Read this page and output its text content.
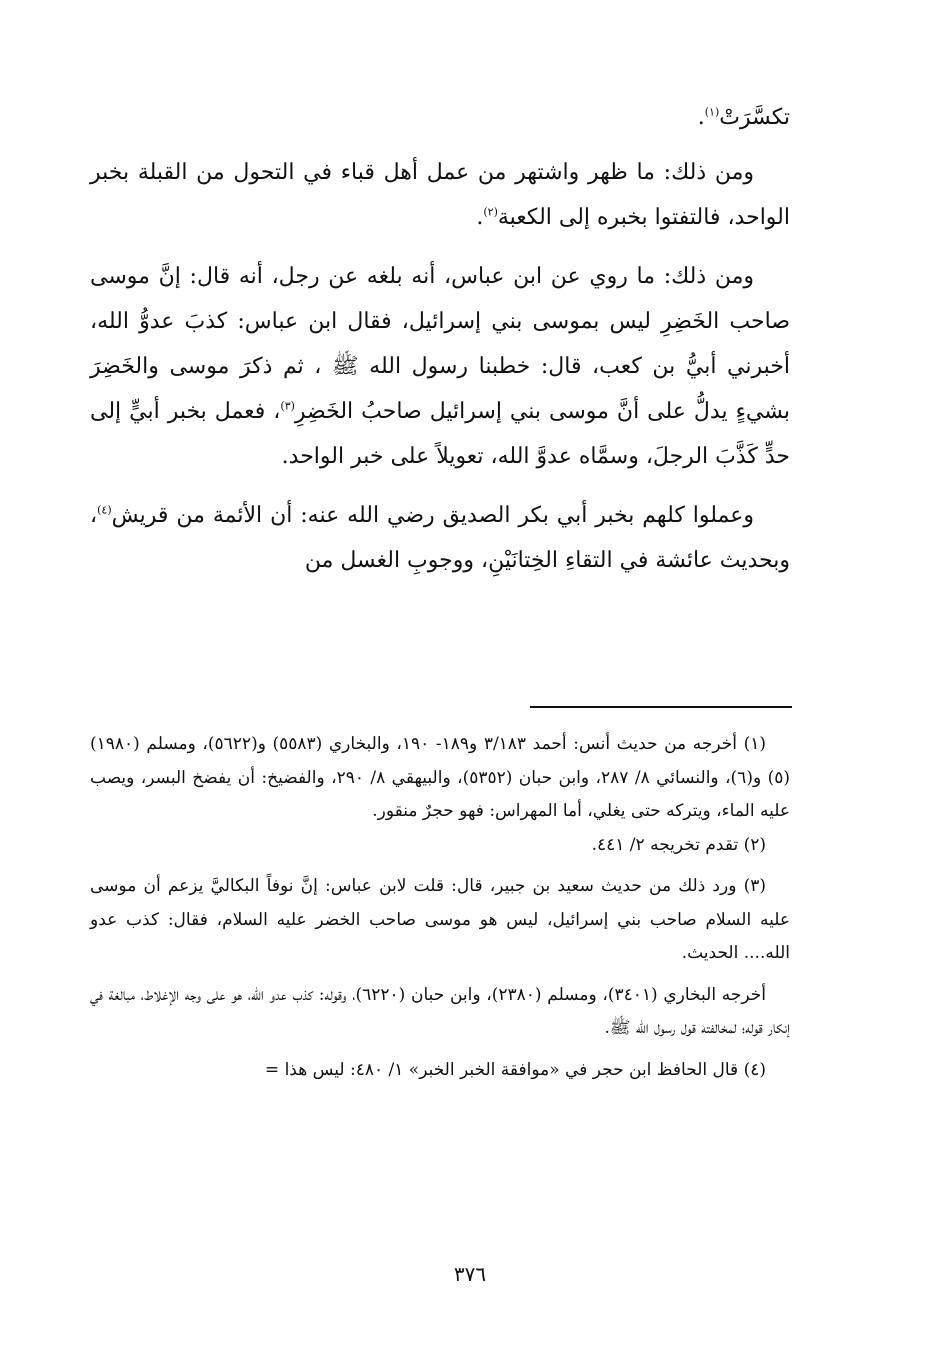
تكسَّرَتْ$^{(١)}$.

ومن ذلك: ما ظهر واشتهر من عمل أهل قباء في التحول من القبلة بخبر الواحد، فالتفتوا بخبره إلى الكعبة$^{(٢)}$.

ومن ذلك: ما روي عن ابن عباس، أنه بلغه عن رجل، أنه قال: إنَّ موسى صاحب الخَضِرِ ليس بموسى بني إسرائيل، فقال ابن عباس: كذبَ عدوُّ الله، أخبرني أبيُّ بن كعب، قال: خطبنا رسول الله ﷺ ، ثم ذكرَ موسى والخَضِرَ بشيءٍ يدلُّ على أنَّ موسى بني إسرائيل صاحبُ الخَضِرِ$^{(٣)}$، فعمل بخبر أبيٍّ إلى حدٍّ كَذَّبَ الرجلَ، وسمَّاه عدوَّ الله، تعويلاً على خبر الواحد.

وعملوا كلهم بخبر أبي بكر الصديق رضي الله عنه: أن الأئمة من قريش$^{(٤)}$، وبحديث عائشة في التقاءِ الخِتانَيْنِ، ووجوبِ الغسل من

(١) أخرجه من حديث أنس: أحمد ٣/١٨٣ و١٨٩- ١٩٠، والبخاري (٥٥٨٣) و(٥٦٢٢)، ومسلم (١٩٨٠) (٥) و(٦)، والنسائي ٨/ ٢٨٧، وابن حبان (٥٣٥٢)، والبيهقي ٨/ ٢٩٠، والفضيخ: أن يفضخ البسر، ويصب عليه الماء، ويتركه حتى يغلي، أما المهراس: فهو حجرٌ منقور.

(٢) تقدم تخريجه ٢/ ٤٤١.

(٣) ورد ذلك من حديث سعيد بن جبير، قال: قلت لابن عباس: إنَّ نوفاً البكاليَّ يزعم أن موسى عليه السلام صاحب بني إسرائيل، ليس هو موسى صاحب الخضر عليه السلام، فقال: كذب عدو الله.... الحديث.

أخرجه البخاري (٣٤٠١)، ومسلم (٢٣٨٠)، وابن حبان (٦٢٢٠)، وقوله: كذب عدو الله، هو على وجه الإغلاط، مبالغة في إنكار قوله؛ لمخالفته قول رسول الله ﷺ.

(٤) قال الحافظ ابن حجر في «موافقة الخبر الخبر» ١/ ٤٨٠: ليس هذا =

٣٧٦
